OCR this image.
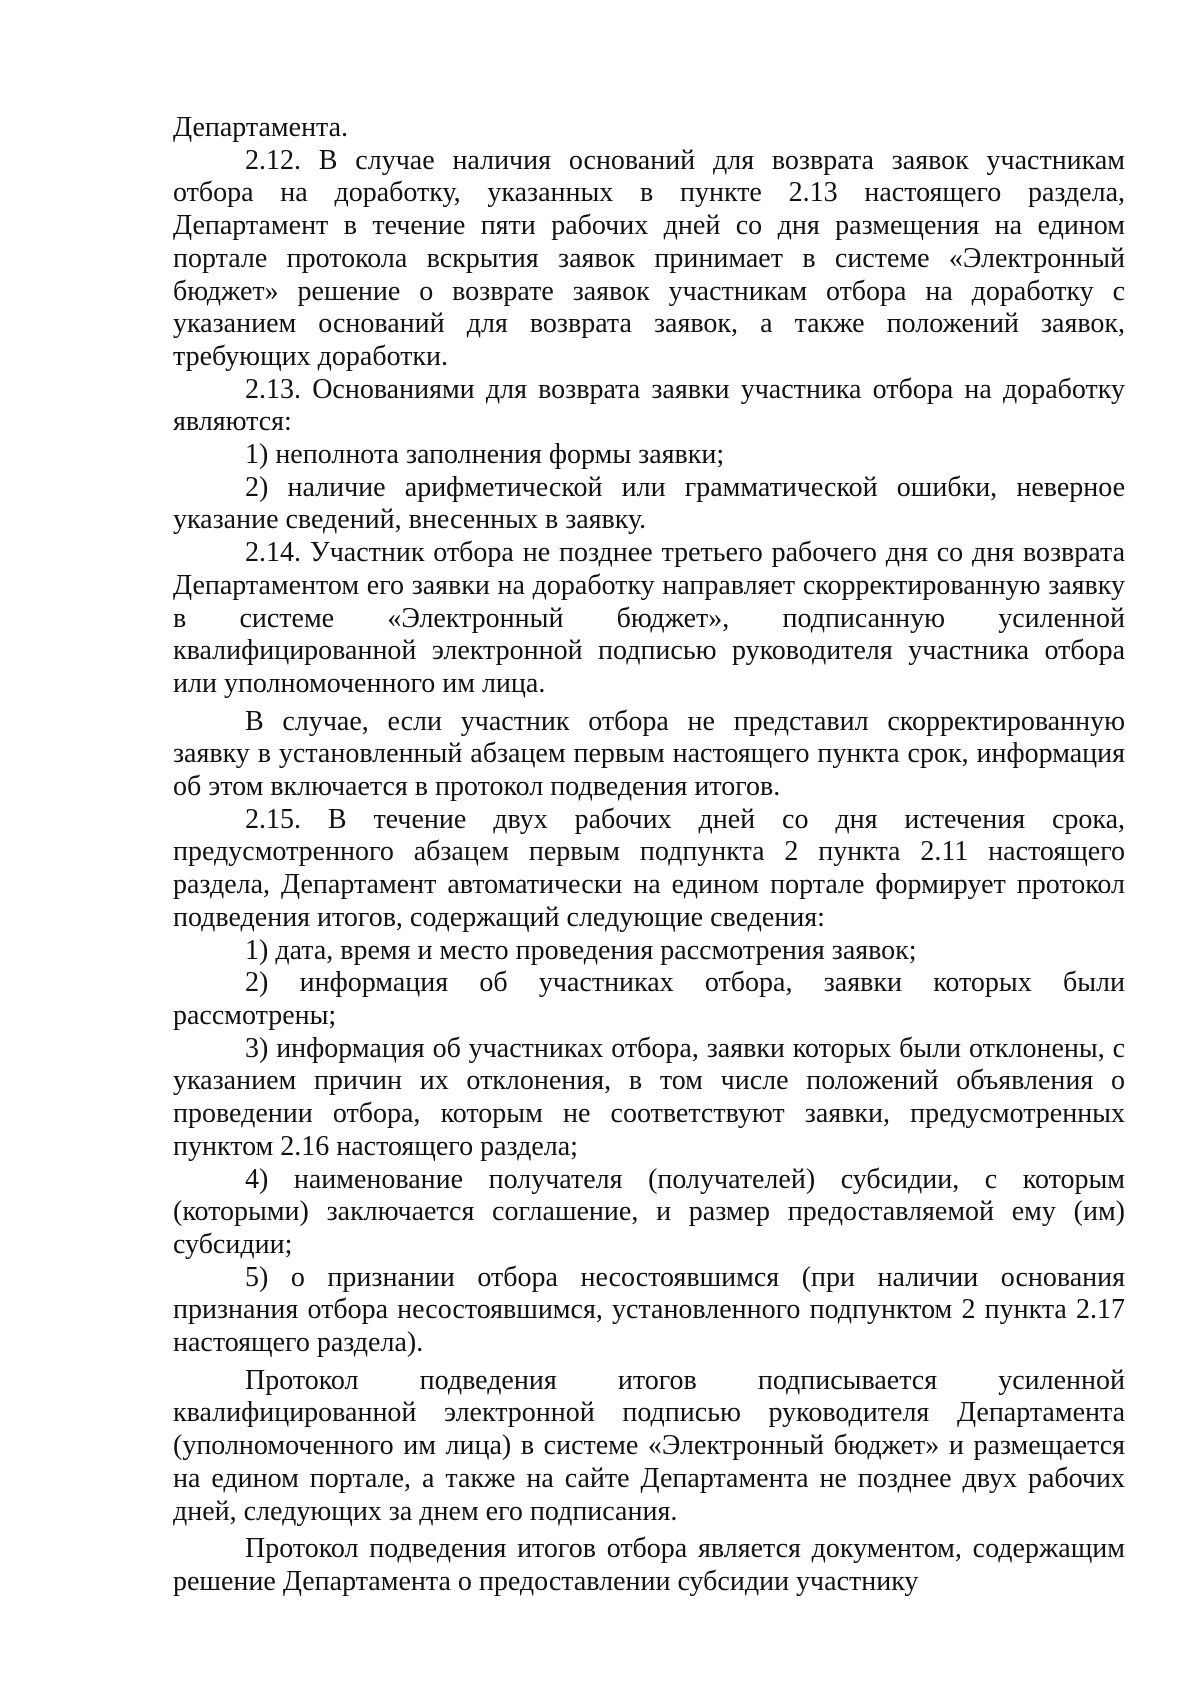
Департамента.

2.12. В случае наличия оснований для возврата заявок участникам отбора на доработку, указанных в пункте 2.13 настоящего раздела, Департамент в течение пяти рабочих дней со дня размещения на едином портале протокола вскрытия заявок принимает в системе «Электронный бюджет» решение о возврате заявок участникам отбора на доработку с указанием оснований для возврата заявок, а также положений заявок, требующих доработки.

2.13. Основаниями для возврата заявки участника отбора на доработку являются:

1) неполнота заполнения формы заявки;

2) наличие арифметической или грамматической ошибки, неверное указание сведений, внесенных в заявку.

2.14. Участник отбора не позднее третьего рабочего дня со дня возврата Департаментом его заявки на доработку направляет скорректированную заявку в системе «Электронный бюджет», подписанную усиленной квалифицированной электронной подписью руководителя участника отбора или уполномоченного им лица.

В случае, если участник отбора не представил скорректированную заявку в установленный абзацем первым настоящего пункта срок, информация об этом включается в протокол подведения итогов.

2.15. В течение двух рабочих дней со дня истечения срока, предусмотренного абзацем первым подпункта 2 пункта 2.11 настоящего раздела, Департамент автоматически на едином портале формирует протокол подведения итогов, содержащий следующие сведения:

1) дата, время и место проведения рассмотрения заявок;

2) информация об участниках отбора, заявки которых были рассмотрены;

3) информация об участниках отбора, заявки которых были отклонены, с указанием причин их отклонения, в том числе положений объявления о проведении отбора, которым не соответствуют заявки, предусмотренных пунктом 2.16 настоящего раздела;

4) наименование получателя (получателей) субсидии, с которым (которыми) заключается соглашение, и размер предоставляемой ему (им) субсидии;

5) о признании отбора несостоявшимся (при наличии основания признания отбора несостоявшимся, установленного подпунктом 2 пункта 2.17 настоящего раздела).

Протокол подведения итогов подписывается усиленной квалифицированной электронной подписью руководителя Департамента (уполномоченного им лица) в системе «Электронный бюджет» и размещается на едином портале, а также на сайте Департамента не позднее двух рабочих дней, следующих за днем его подписания.

Протокол подведения итогов отбора является документом, содержащим решение Департамента о предоставлении субсидии участнику
